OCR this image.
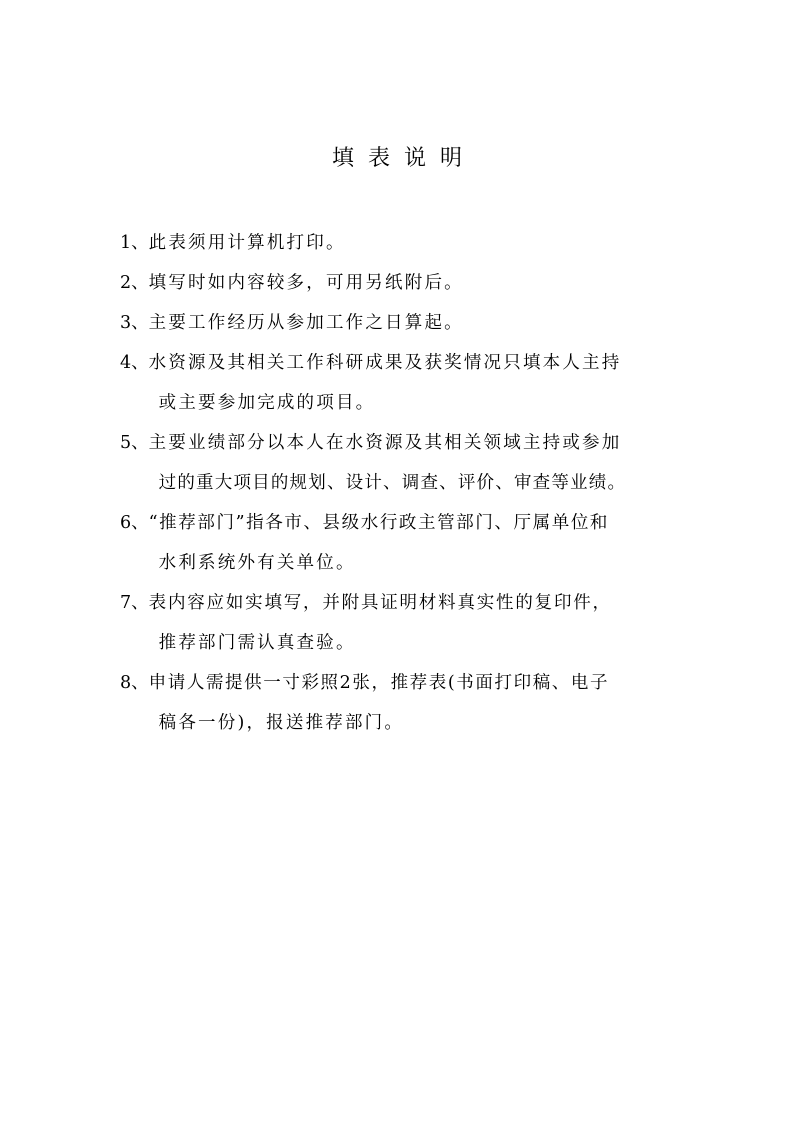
填表说明
1、 此表须用计算机打印。
2、 填写时如内容较多，可用另纸附后。
3、 主要工作经历从参加工作之日算起。
4、 水资源及其相关工作科研成果及获奖情况只填本人主持
或主要参加完成的项目。
5、 主要业绩部分以本人在水资源及其相关领域主持或参加
过的重大项目的规划、设计、调查、评价、审查等业绩。
6、 “推荐部门”指各市、县级水行政主管部门、厅属单位和
水利系统外有关单位。
7、 表内容应如实填写，并附具证明材料真实性的复印件，
推荐部门需认真查验。
8、 申请人需提供一寸彩照2张，推荐表(书面打印稿、电子
稿各一份)，报送推荐部门。
